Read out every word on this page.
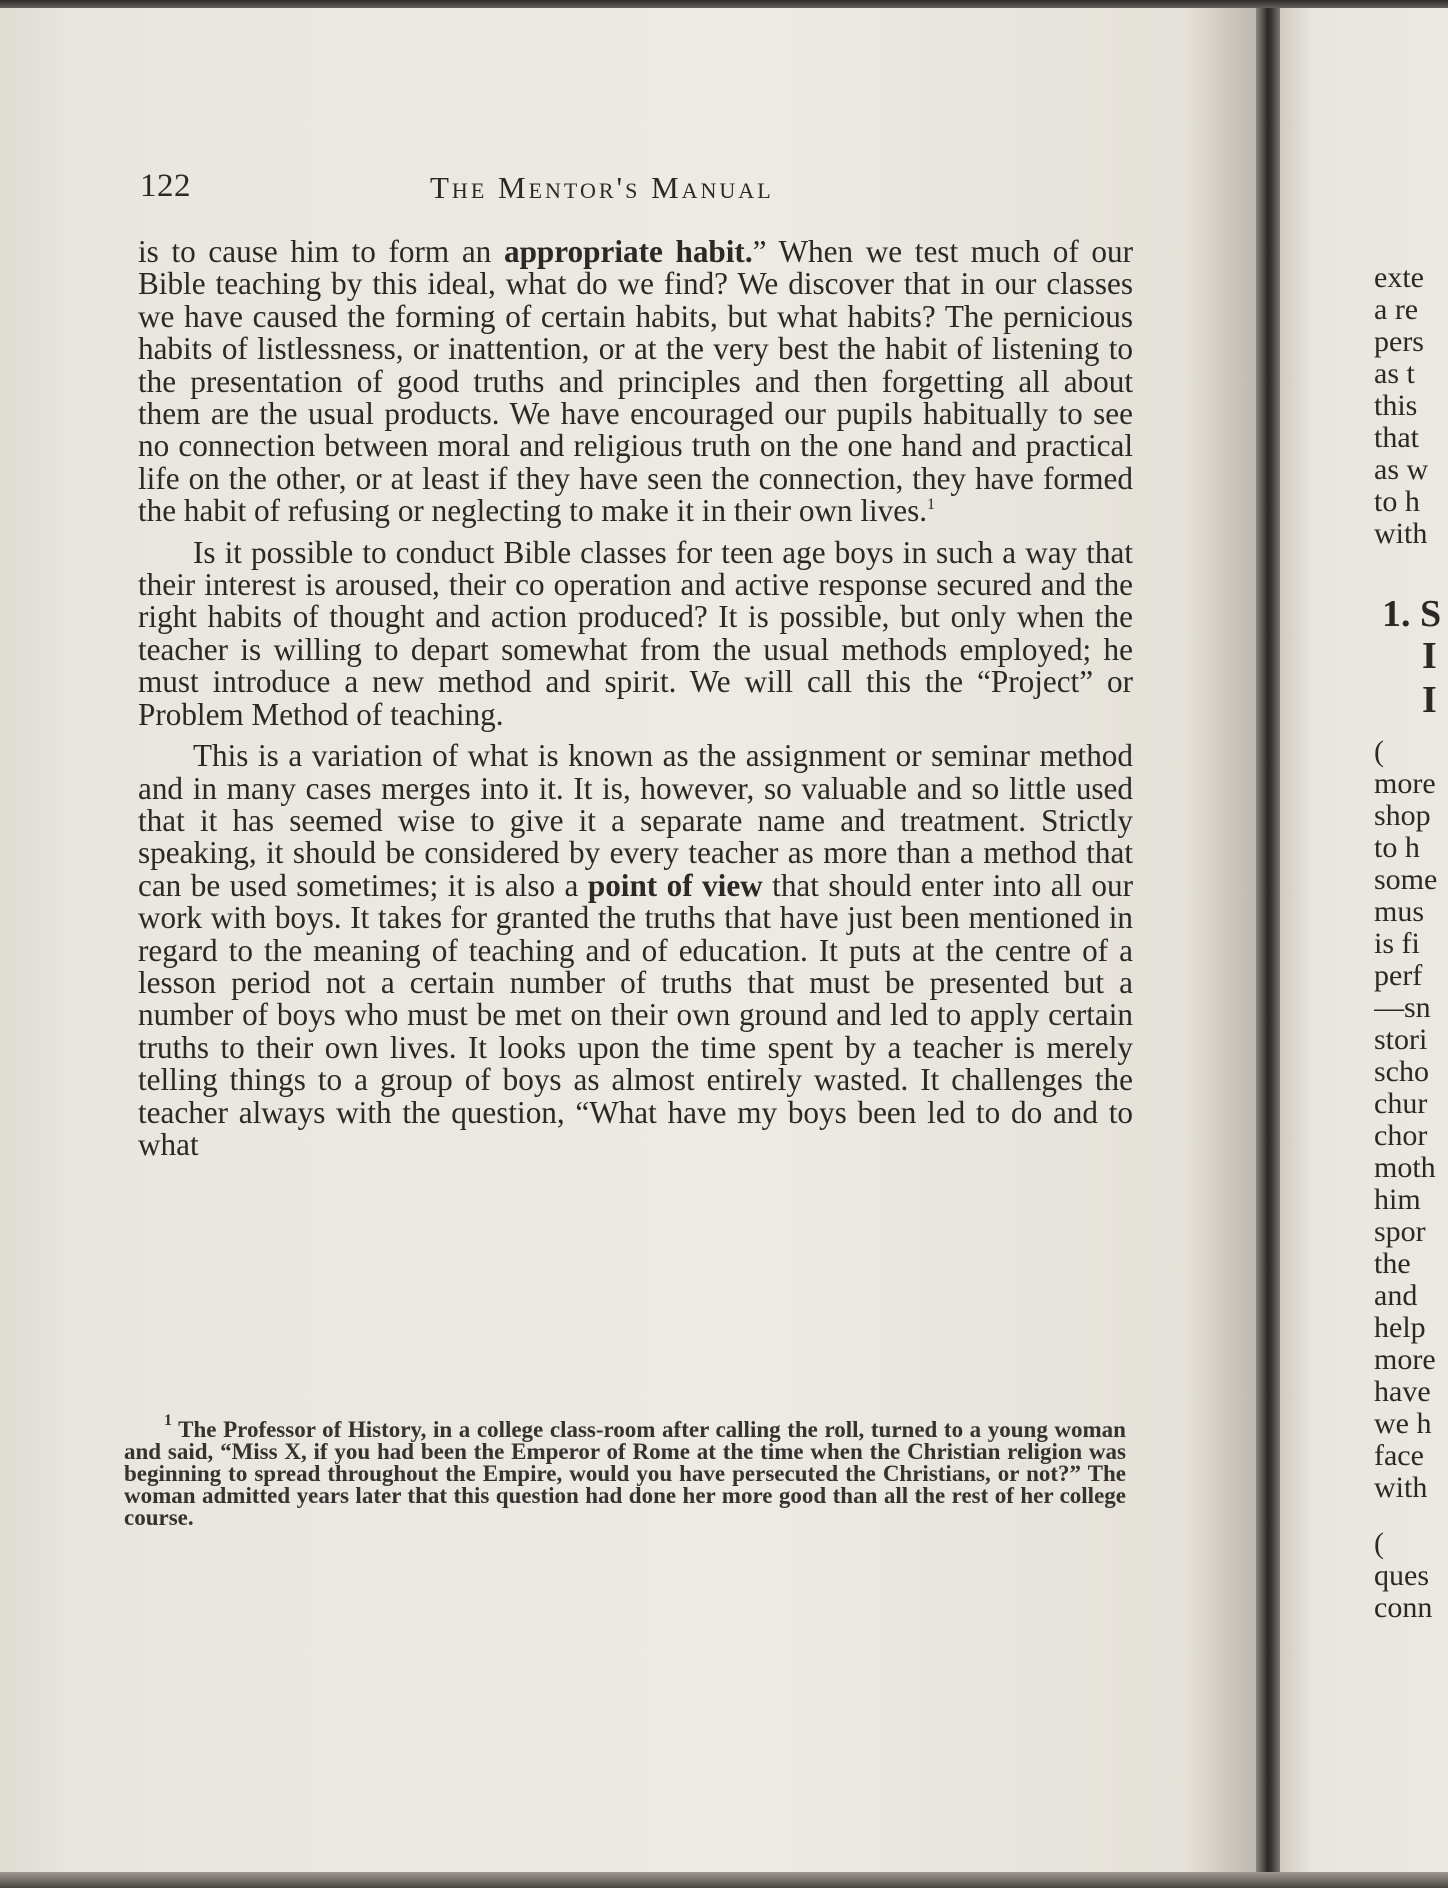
122	The Mentor's Manual

is to cause him to form an appropriate habit.” When we test much of our Bible teaching by this ideal, what do we find? We discover that in our classes we have caused the forming of certain habits, but what habits? The pernicious habits of listlessness, or inattention, or at the very best the habit of listening to the presentation of good truths and principles and then forgetting all about them are the usual products. We have encouraged our pupils habitually to see no connection between moral and religious truth on the one hand and practical life on the other, or at least if they have seen the connection, they have formed the habit of refusing or neglecting to make it in their own lives.$^1$

Is it possible to conduct Bible classes for teen age boys in such a way that their interest is aroused, their co operation and active response secured and the right habits of thought and action produced? It is possible, but only when the teacher is willing to depart somewhat from the usual methods employed; he must introduce a new method and spirit. We will call this the “Project” or Problem Method of teaching.

This is a variation of what is known as the assignment or seminar method and in many cases merges into it. It is, however, so valuable and so little used that it has seemed wise to give it a separate name and treatment. Strictly speaking, it should be considered by every teacher as more than a method that can be used sometimes; it is also a point of view that should enter into all our work with boys. It takes for granted the truths that have just been mentioned in regard to the meaning of teaching and of education. It puts at the centre of a lesson period not a certain number of truths that must be presented but a number of boys who must be met on their own ground and led to apply certain truths to their own lives. It looks upon the time spent by a teacher is merely telling things to a group of boys as almost entirely wasted. It challenges the teacher always with the question, “What have my boys been led to do and to what

$^1$ The Professor of History, in a college class-room after calling the roll, turned to a young woman and said, “Miss X, if you had been the Emperor of Rome at the time when the Christian religion was beginning to spread throughout the Empire, would you have persecuted the Christians, or not?” The woman admitted years later that this question had done her more good than all the rest of her college course.

exte
a re
pers
as t
this
that
as w
to h
with
1. S
I
I
(
more
shop
to h
some
mus
is fi
perf
—sn
stori
scho
chur
chor
moth
him
spor
the
and
help
more
have
we h
face
with
(
ques
conn
